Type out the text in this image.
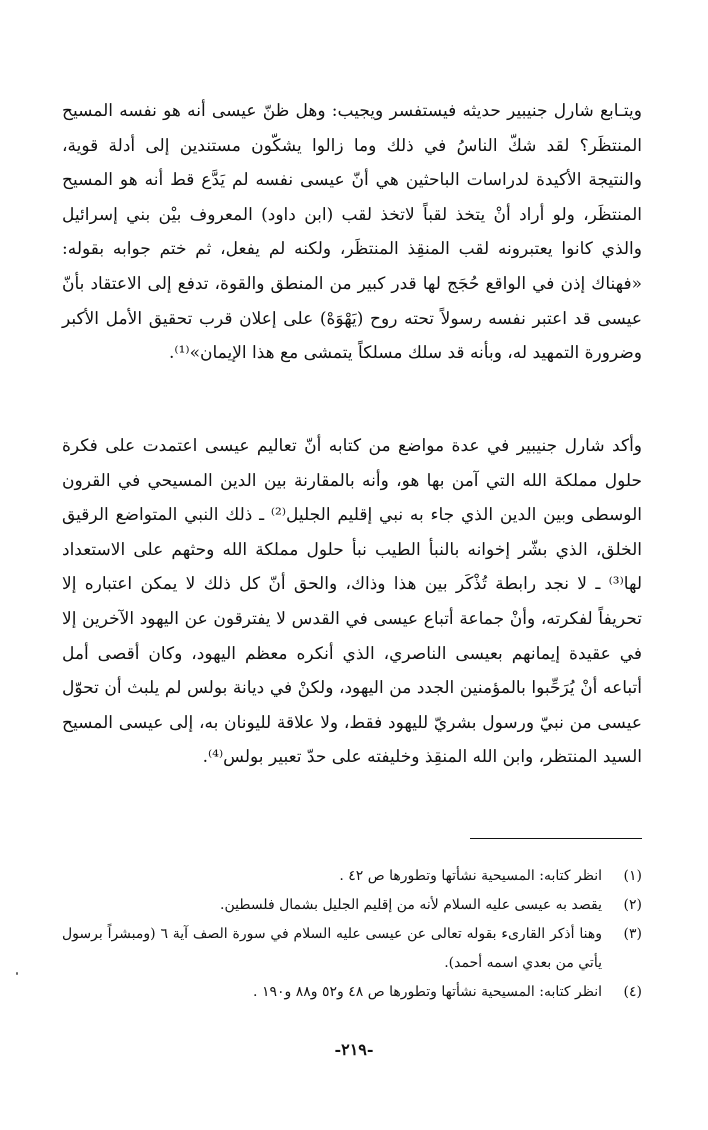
ويتـابع شارل جنيبير حديثه فيستفسر ويجيب: وهل ظنّ عيسى أنه هو نفسه المسيح المنتظَر؟ لقد شكّ الناسُ في ذلك وما زالوا يشكّون مستندين إلى أدلة قوية، والنتيجة الأكيدة لدراسات الباحثين هي أنّ عيسى نفسه لم يَدَّع قط أنه هو المسيح المنتظَر، ولو أراد أنْ يتخذ لقباً لاتخذ لقب (ابن داود) المعروف بيْن بني إسرائيل والذي كانوا يعتبرونه لقب المنقِذ المنتظَر، ولكنه لم يفعل، ثم ختم جوابه بقوله: «فهناك إذن في الواقع حُجَج لها قدر كبير من المنطق والقوة، تدفع إلى الاعتقاد بأنّ عيسى قد اعتبر نفسه رسولاً تحته روح (يَهْوَهْ) على إعلان قرب تحقيق الأمل الأكبر وضرورة التمهيد له، وبأنه قد سلك مسلكاً يتمشى مع هذا الإيمان»⁽¹⁾.

وأكد شارل جنيبير في عدة مواضع من كتابه أنّ تعاليم عيسى اعتمدت على فكرة حلول مملكة الله التي آمن بها هو، وأنه بالمقارنة بين الدين المسيحي في القرون الوسطى وبين الدين الذي جاء به نبي إقليم الجليل⁽²⁾ ـ ذلك النبي المتواضع الرقيق الخلق، الذي بشّر إخوانه بالنبأ الطيب نبأ حلول مملكة الله وحثهم على الاستعداد لها⁽³⁾ ـ لا نجد رابطة تُذْكَر بين هذا وذاك، والحق أنّ كل ذلك لا يمكن اعتباره إلا تحريفاً لفكرته، وأنْ جماعة أتباع عيسى في القدس لا يفترقون عن اليهود الآخرين إلا في عقيدة إيمانهم بعيسى الناصري، الذي أنكره معظم اليهود، وكان أقصى أمل أتباعه أنْ يُرَحِّبوا بالمؤمنين الجدد من اليهود، ولكنْ في ديانة بولس لم يلبث أن تحوّل عيسى من نبيّ ورسول بشريّ لليهود فقط، ولا علاقة لليونان به، إلى عيسى المسيح السيد المنتظر، وابن الله المنقِذ وخليفته على حدّ تعبير بولس⁽⁴⁾.

(١)
انظر كتابه: المسيحية نشأتها وتطورها ص ٤٢ .
(٢)
يقصد به عيسى عليه السلام لأنه من إقليم الجليل بشمال فلسطين.
(٣)
وهنا أذكر القارىء بقوله تعالى عن عيسى عليه السلام في سورة الصف آية ٦ (ومبشراً برسول يأتي من بعدي اسمه أحمد).
(٤)
انظر كتابه: المسيحية نشأتها وتطورها ص ٤٨ و٥٢ و٨٨ و١٩٠ .
-٢١٩-
